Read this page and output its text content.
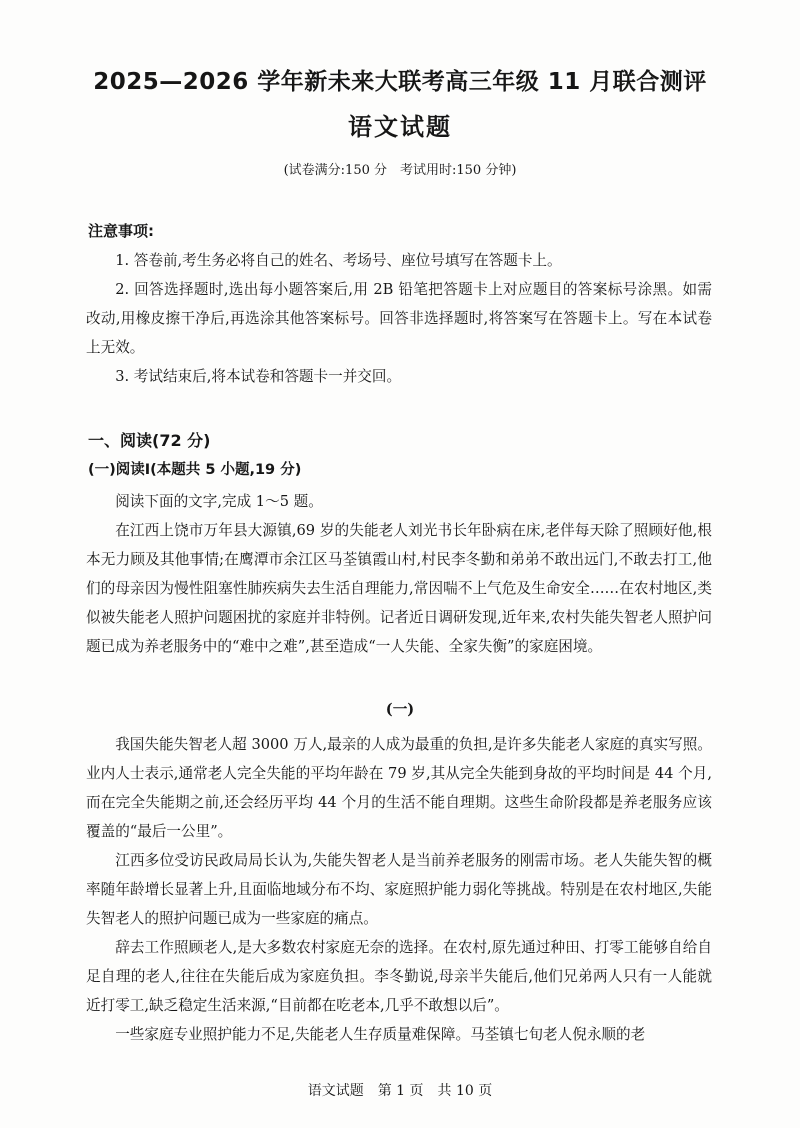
2025—2026 学年新未来大联考高三年级 11 月联合测评
语文试题
(试卷满分:150 分　考试用时:150 分钟)
注意事项:

1. 答卷前,考生务必将自己的姓名、考场号、座位号填写在答题卡上。

2. 回答选择题时,选出每小题答案后,用 2B 铅笔把答题卡上对应题目的答案标号涂黑。如需改动,用橡皮擦干净后,再选涂其他答案标号。回答非选择题时,将答案写在答题卡上。写在本试卷上无效。

3. 考试结束后,将本试卷和答题卡一并交回。

一、阅读(72 分)
(一)阅读Ⅰ(本题共 5 小题,19 分)

阅读下面的文字,完成 1～5 题。

在江西上饶市万年县大源镇,69 岁的失能老人刘光书长年卧病在床,老伴每天除了照顾好他,根本无力顾及其他事情;在鹰潭市余江区马荃镇霞山村,村民李冬勤和弟弟不敢出远门,不敢去打工,他们的母亲因为慢性阻塞性肺疾病失去生活自理能力,常因喘不上气危及生命安全……在农村地区,类似被失能老人照护问题困扰的家庭并非特例。记者近日调研发现,近年来,农村失能失智老人照护问题已成为养老服务中的“难中之难”,甚至造成“一人失能、全家失衡”的家庭困境。

(一)

我国失能失智老人超 3000 万人,最亲的人成为最重的负担,是许多失能老人家庭的真实写照。业内人士表示,通常老人完全失能的平均年龄在 79 岁,其从完全失能到身故的平均时间是 44 个月,而在完全失能期之前,还会经历平均 44 个月的生活不能自理期。这些生命阶段都是养老服务应该覆盖的“最后一公里”。

江西多位受访民政局局长认为,失能失智老人是当前养老服务的刚需市场。老人失能失智的概率随年龄增长显著上升,且面临地域分布不均、家庭照护能力弱化等挑战。特别是在农村地区,失能失智老人的照护问题已成为一些家庭的痛点。

辞去工作照顾老人,是大多数农村家庭无奈的选择。在农村,原先通过种田、打零工能够自给自足自理的老人,往往在失能后成为家庭负担。李冬勤说,母亲半失能后,他们兄弟两人只有一人能就近打零工,缺乏稳定生活来源,“目前都在吃老本,几乎不敢想以后”。

一些家庭专业照护能力不足,失能老人生存质量难保障。马荃镇七旬老人倪永顺的老

语文试题　第 1 页　共 10 页
